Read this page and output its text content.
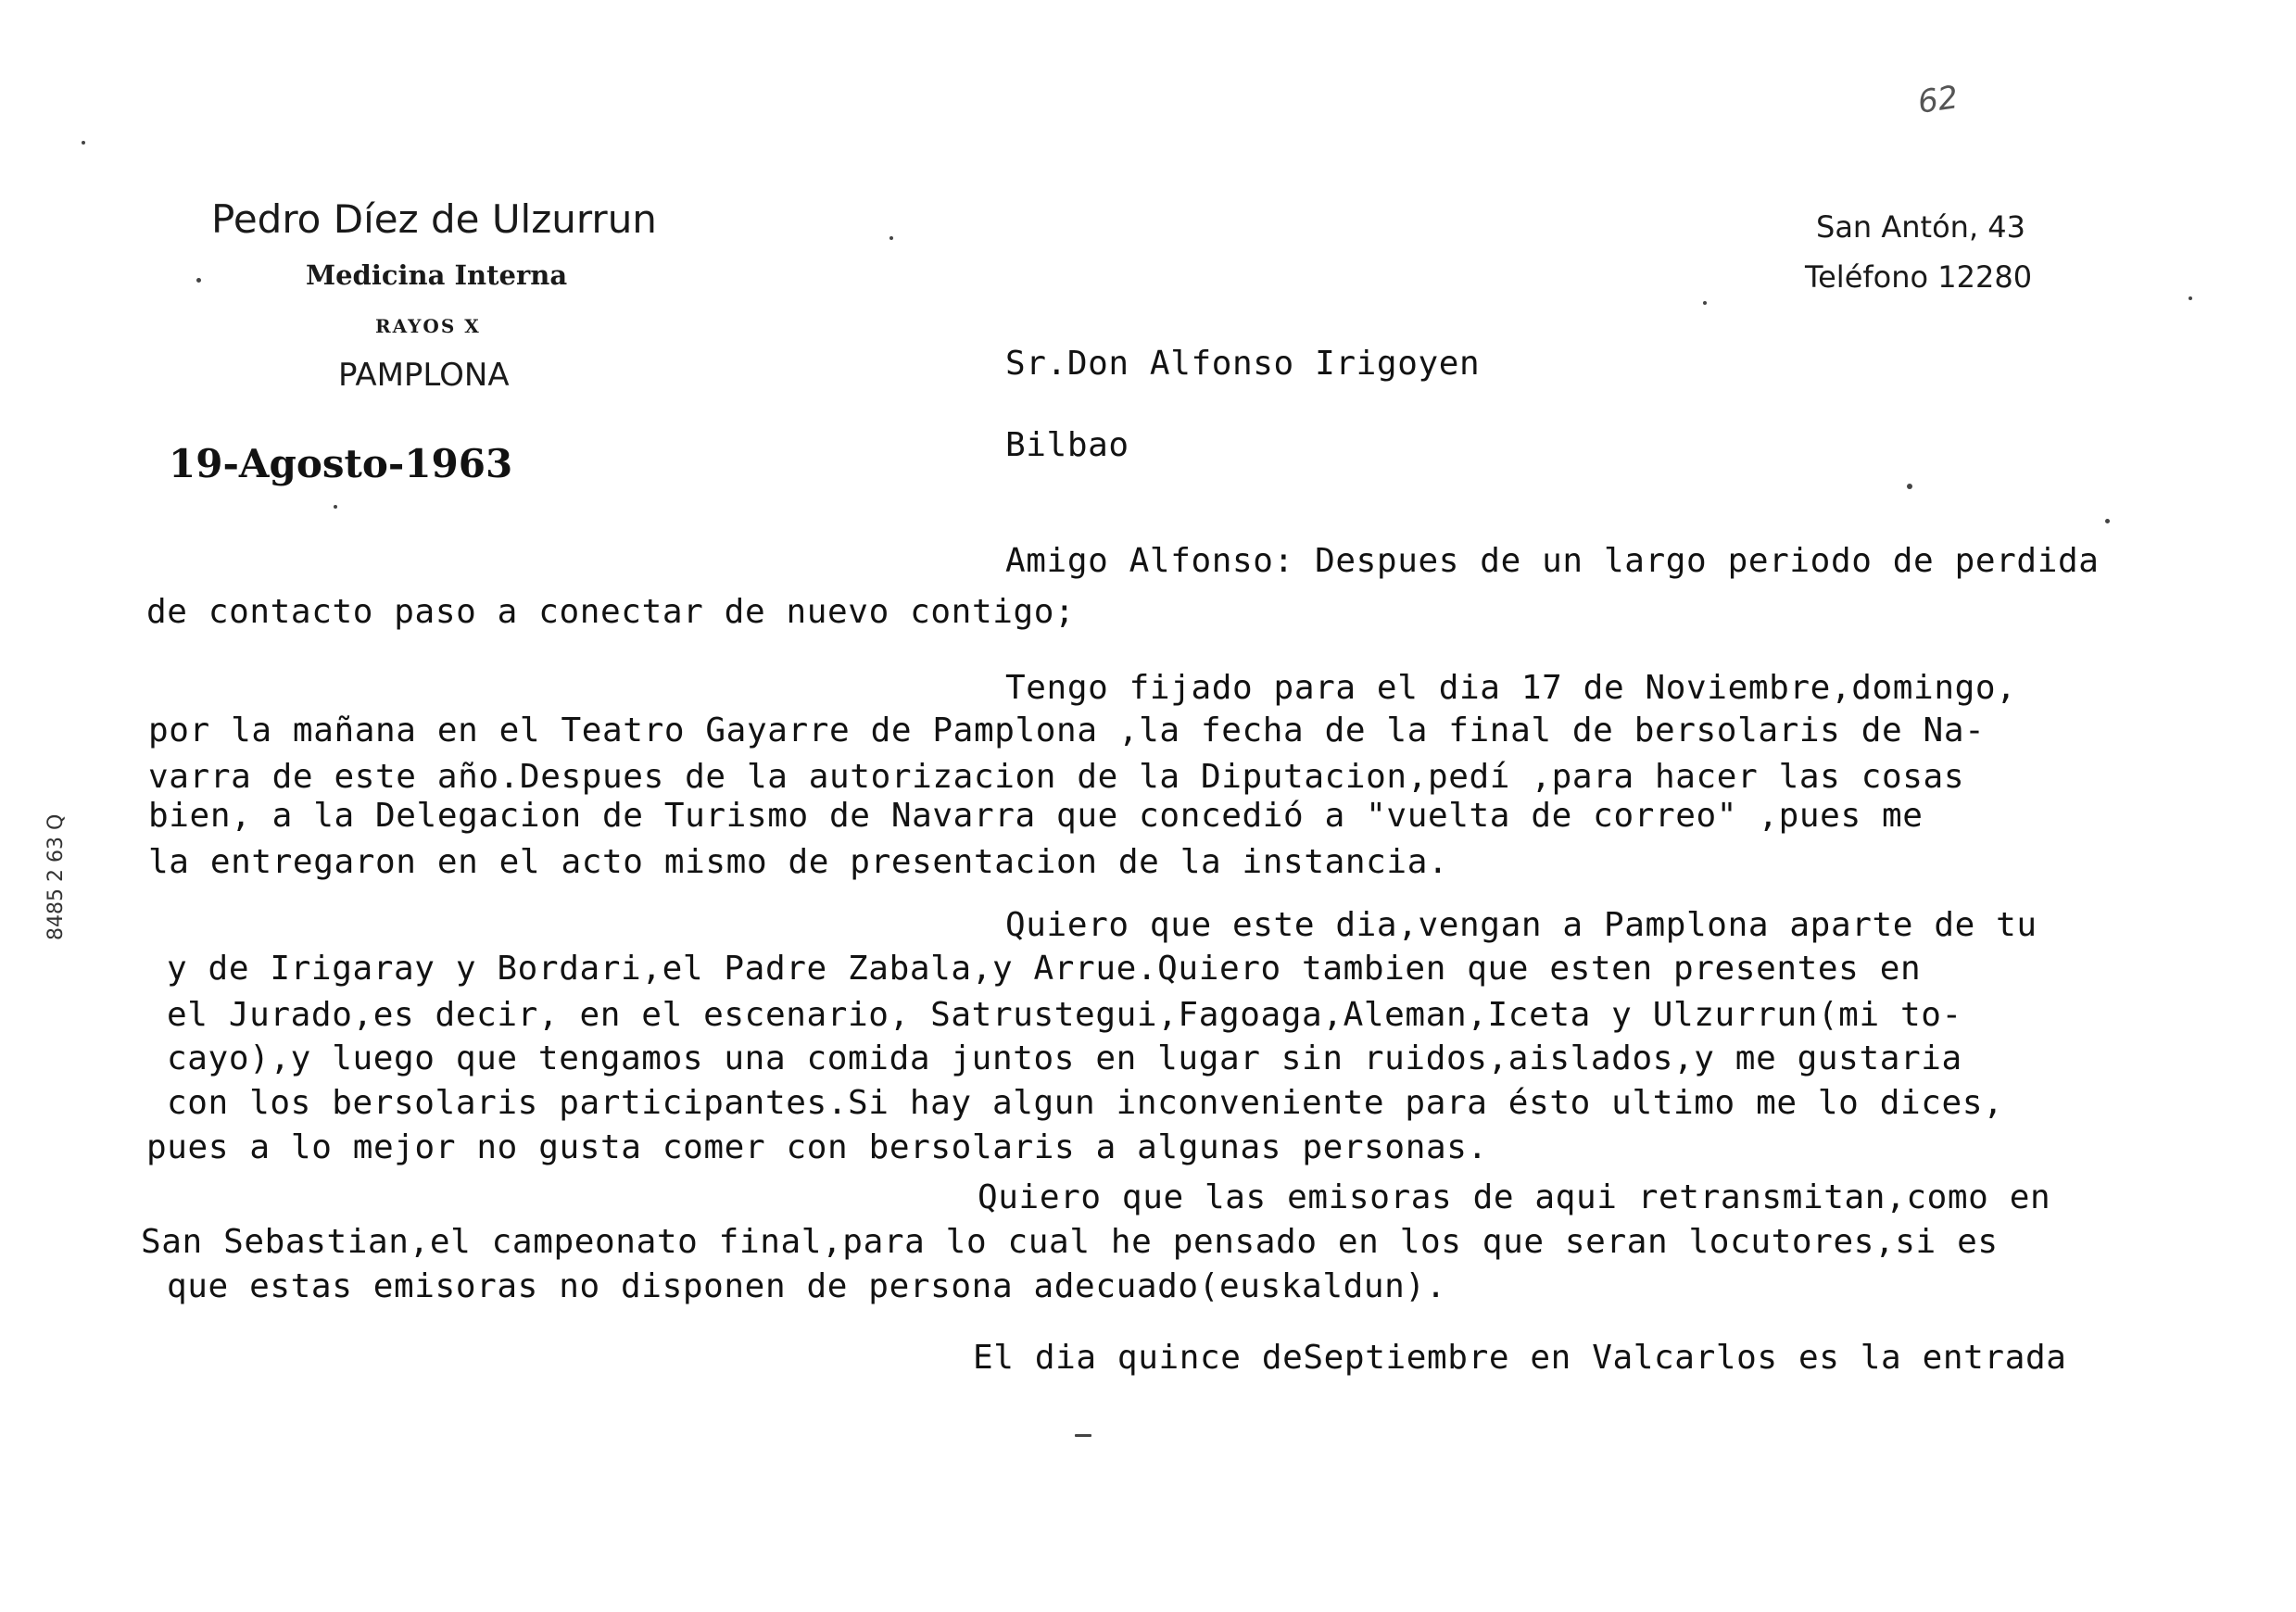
62
Pedro Díez de Ulzurrun
Medicina Interna
RAYOS X
PAMPLONA
San Antón, 43
Teléfono 12280
19-Agosto-1963
Sr.Don Alfonso Irigoyen
Bilbao
8485 2 63 Q
Amigo Alfonso: Despues de un largo periodo de perdida
de contacto paso a conectar de nuevo contigo;
Tengo fijado para el dia 17 de Noviembre,domingo,
por la mañana en el Teatro Gayarre de Pamplona ,la fecha de la final de bersolaris de Na-
varra de este año.Despues de la autorizacion de la Diputacion,pedí ,para hacer las cosas
bien, a la Delegacion de Turismo de Navarra que concedió a "vuelta de correo" ,pues me
la entregaron en el acto mismo de presentacion de la instancia.
Quiero que este dia,vengan a Pamplona aparte de tu
y de Irigaray y Bordari,el Padre Zabala,y Arrue.Quiero tambien que esten presentes en
el Jurado,es decir, en el escenario, Satrustegui,Fagoaga,Aleman,Iceta y Ulzurrun(mi to-
cayo),y luego que tengamos una comida juntos en lugar sin ruidos,aislados,y me gustaria
con los bersolaris participantes.Si hay algun inconveniente para ésto ultimo me lo dices,
pues a lo mejor no gusta comer con bersolaris a algunas personas.
Quiero que las emisoras de aqui retransmitan,como en
San Sebastian,el campeonato final,para lo cual he pensado en los que seran locutores,si es
que estas emisoras no disponen de persona adecuado(euskaldun).
El dia quince deSeptiembre en Valcarlos es la entrada
